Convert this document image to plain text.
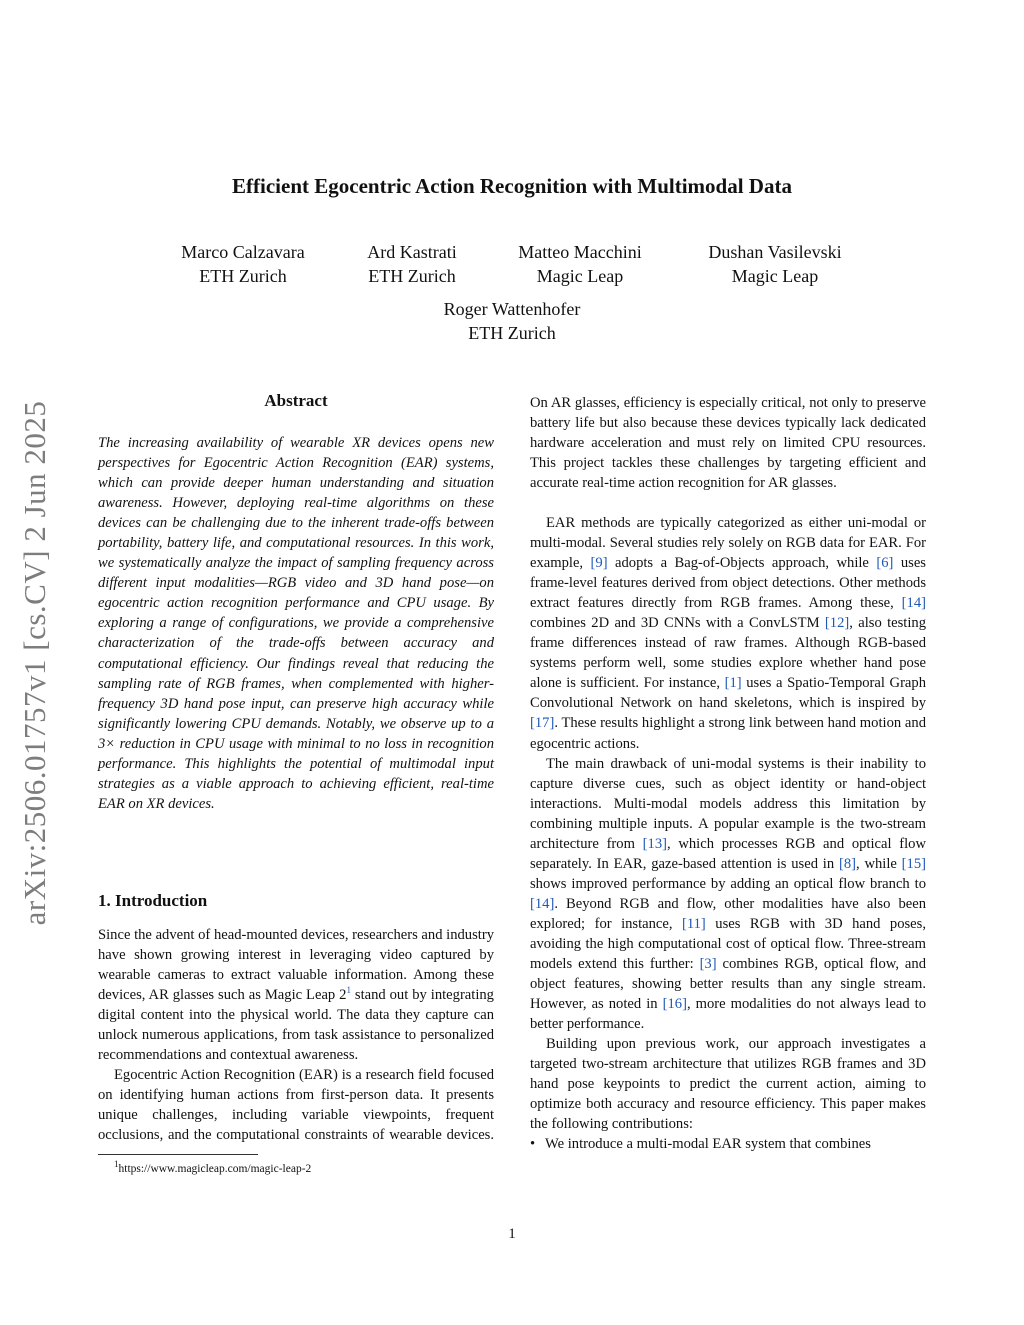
arXiv:2506.01757v1 [cs.CV] 2 Jun 2025
Efficient Egocentric Action Recognition with Multimodal Data
Marco Calzavara
ETH Zurich
Ard Kastrati
ETH Zurich
Matteo Macchini
Magic Leap
Dushan Vasilevski
Magic Leap
Roger Wattenhofer
ETH Zurich
Abstract

The increasing availability of wearable XR devices opens new perspectives for Egocentric Action Recognition (EAR) systems, which can provide deeper human understanding and situation awareness. However, deploying real-time algorithms on these devices can be challenging due to the inherent trade-offs between portability, battery life, and computational resources. In this work, we systematically analyze the impact of sampling frequency across different input modalities—RGB video and 3D hand pose—on egocentric action recognition performance and CPU usage. By exploring a range of configurations, we provide a comprehensive characterization of the trade-offs between accuracy and computational efficiency. Our findings reveal that reducing the sampling rate of RGB frames, when complemented with higher-frequency 3D hand pose input, can preserve high accuracy while significantly lowering CPU demands. Notably, we observe up to a 3× reduction in CPU usage with minimal to no loss in recognition performance. This highlights the potential of multimodal input strategies as a viable approach to achieving efficient, real-time EAR on XR devices.

1. Introduction

Since the advent of head-mounted devices, researchers and industry have shown growing interest in leveraging video captured by wearable cameras to extract valuable information. Among these devices, AR glasses such as Magic Leap 2$^1$ stand out by integrating digital content into the physical world. The data they capture can unlock numerous applications, from task assistance to personalized recommendations and contextual awareness.

Egocentric Action Recognition (EAR) is a research field focused on identifying human actions from first-person data. It presents unique challenges, including variable viewpoints, frequent occlusions, and the computational constraints of wearable devices.

$^1$https://www.magicleap.com/magic-leap-2

On AR glasses, efficiency is especially critical, not only to preserve battery life but also because these devices typically lack dedicated hardware acceleration and must rely on limited CPU resources. This project tackles these challenges by targeting efficient and accurate real-time action recognition for AR glasses.

EAR methods are typically categorized as either uni-modal or multi-modal. Several studies rely solely on RGB data for EAR. For example, [9] adopts a Bag-of-Objects approach, while [6] uses frame-level features derived from object detections. Other methods extract features directly from RGB frames. Among these, [14] combines 2D and 3D CNNs with a ConvLSTM [12], also testing frame differences instead of raw frames. Although RGB-based systems perform well, some studies explore whether hand pose alone is sufficient. For instance, [1] uses a Spatio-Temporal Graph Convolutional Network on hand skeletons, which is inspired by [17]. These results highlight a strong link between hand motion and egocentric actions.

The main drawback of uni-modal systems is their inability to capture diverse cues, such as object identity or hand-object interactions. Multi-modal models address this limitation by combining multiple inputs. A popular example is the two-stream architecture from [13], which processes RGB and optical flow separately. In EAR, gaze-based attention is used in [8], while [15] shows improved performance by adding an optical flow branch to [14]. Beyond RGB and flow, other modalities have also been explored; for instance, [11] uses RGB with 3D hand poses, avoiding the high computational cost of optical flow. Three-stream models extend this further: [3] combines RGB, optical flow, and object features, showing better results than any single stream. However, as noted in [16], more modalities do not always lead to better performance.

Building upon previous work, our approach investigates a targeted two-stream architecture that utilizes RGB frames and 3D hand pose keypoints to predict the current action, aiming to optimize both accuracy and resource efficiency. This paper makes the following contributions:

• We introduce a multi-modal EAR system that combines
1
